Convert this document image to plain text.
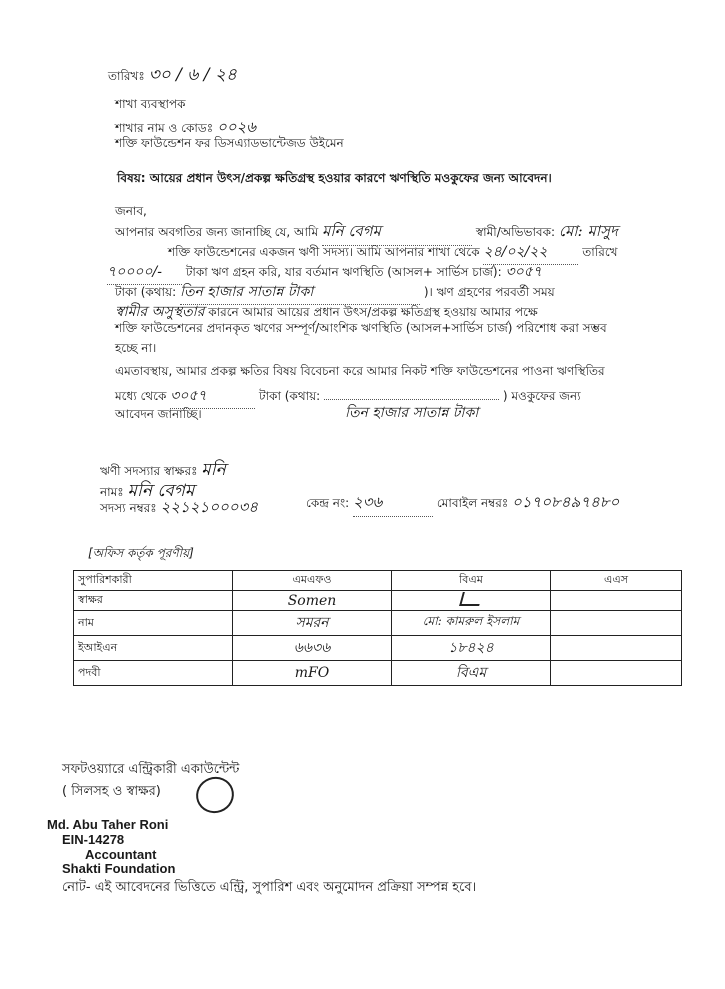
তারিখঃ ৩০ / ৬ / ২৪
শাখা ব্যবস্থাপক
শাখার নাম ও কোডঃ ০০২৬
শক্তি ফাউন্ডেশন ফর ডিসএ্যাডভান্টেজড উইমেন
বিষয়: আয়ের প্রধান উৎস/প্রকল্প ক্ষতিগ্রস্থ হওয়ার কারণে ঋণস্থিতি মওকুফের জন্য আবেদন।
জনাব,
আপনার অবগতির জন্য জানাচ্ছি যে, আমি মনি বেগম	স্বামী/অভিভাবক: মো: মাসুদ
শক্তি ফাউন্ডেশনের একজন ঋণী সদস্য। আমি আপনার শাখা থেকে ২৪/০২/২২	তারিখে
৭০০০০/- টাকা ঋণ গ্রহন করি, যার বর্তমান ঋণস্থিতি (আসল+ সার্ভিস চার্জ): ৩০৫৭
টাকা (কথায়: তিন হাজার সাতান্ন টাকা	)। ঋণ গ্রহণের পরবর্তী সময়
স্বামীর অসুস্থতার কারনে আমার আয়ের প্রধান উৎস/প্রকল্প ক্ষতিগ্রস্থ হওয়ায় আমার পক্ষে
শক্তি ফাউন্ডেশনের প্রদানকৃত ঋণের সম্পূর্ণ/আংশিক ঋণস্থিতি (আসল+সার্ভিস চার্জ) পরিশোধ করা সম্ভব
হচ্ছে না।
এমতাবস্থায়, আমার প্রকল্প ক্ষতির বিষয় বিবেচনা করে আমার নিকট শক্তি ফাউন্ডেশনের পাওনা ঋণস্থিতির
মধ্যে থেকে ৩০৫৭	টাকা (কথায়:	) মওকুফের জন্য
তিন হাজার সাতান্ন টাকা
আবেদন জানাচ্ছি।
ঋণী সদস্যার স্বাক্ষরঃ মনি
নামঃ মনি বেগম
সদস্য নম্বরঃ ২২১২১০০০৩৪	কেন্দ্র নং: ২৩৬	মোবাইল নম্বরঃ ০১৭০৮৪৯৭৪৮০
[অফিস কর্তৃক পূরণীয়]
সুপারিশকারী	এমএফও	বিএম	এএস
স্বাক্ষর	Somen		
নাম	সমরন	মো: কামরুল ইসলাম	
ইআইএন	৬৬৩৬	১৮৪২৪	
পদবী	mFO	বিএম	
সফটওয়্যারে এন্ট্রিকারী একাউন্টেন্ট
( সিলসহ ও স্বাক্ষর)
Md. Abu Taher Roni
EIN-14278
Accountant
Shakti Foundation
নোট- এই আবেদনের ভিত্তিতে এন্ট্রি, সুপারিশ এবং অনুমোদন প্রক্রিয়া সম্পন্ন হবে।
